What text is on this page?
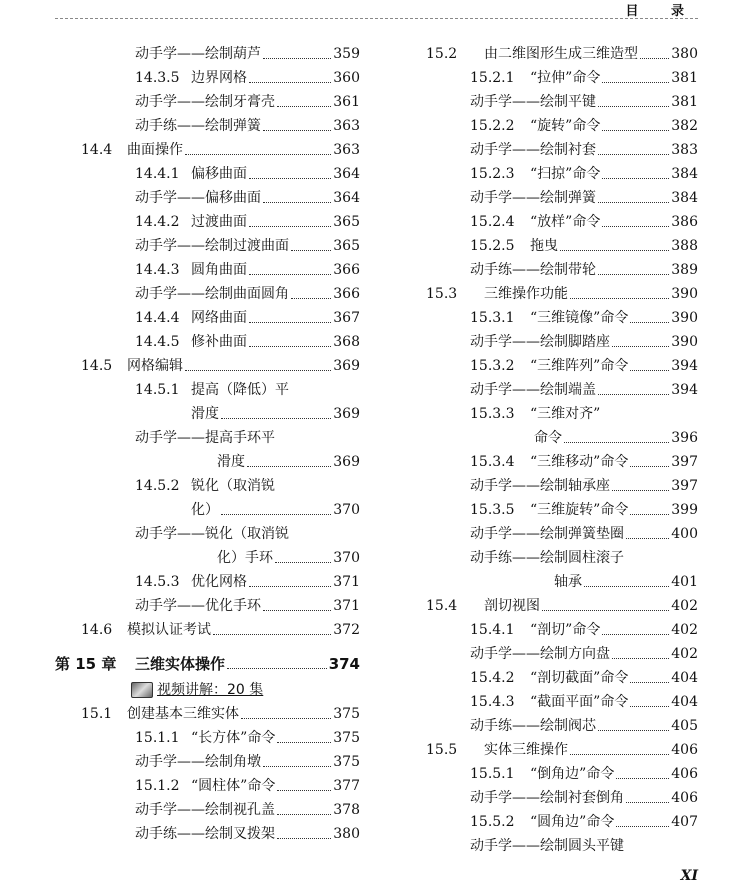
目 录
动手学——绘制葫芦	359
14.3.5 边界网格	360
动手学——绘制牙膏壳	361
动手练——绘制弹簧	363
14.4	曲面操作	363
14.4.1 偏移曲面	364
动手学——偏移曲面	364
14.4.2 过渡曲面	365
动手学——绘制过渡曲面	365
14.4.3 圆角曲面	366
动手学——绘制曲面圆角	366
14.4.4 网络曲面	367
14.4.5 修补曲面	368
14.5	网格编辑	369
14.5.1 提高（降低）平
滑度	369
动手学——提高手环平
滑度	369
14.5.2 锐化（取消锐
化）	370
动手学——锐化（取消锐
化）手环	370
14.5.3 优化网格	371
动手学——优化手环	371
14.6	模拟认证考试	372
第 15 章	三维实体操作	374
视频讲解：20 集
15.1	创建基本三维实体	375
15.1.1 “长方体”命令	375
动手学——绘制角墩	375
15.1.2 “圆柱体”命令	377
动手学——绘制视孔盖	378
动手练——绘制叉拨架	380
15.2	由二维图形生成三维造型 380
15.2.1	“拉伸”命令	381
动手学——绘制平键	381
15.2.2	“旋转”命令	382
动手学——绘制衬套	383
15.2.3	“扫掠”命令	384
动手学——绘制弹簧	384
15.2.4	“放样”命令	386
15.2.5	拖曳	388
动手练——绘制带轮	389
15.3	三维操作功能	390
15.3.1	“三维镜像”命令	390
动手学——绘制脚踏座	390
15.3.2	“三维阵列”命令	394
动手学——绘制端盖	394
15.3.3	“三维对齐”
命令	396
15.3.4	“三维移动”命令	397
动手学——绘制轴承座	397
15.3.5	“三维旋转”命令	399
动手学——绘制弹簧垫圈	400
动手练——绘制圆柱滚子
轴承	401
15.4	剖切视图	402
15.4.1	“剖切”命令	402
动手学——绘制方向盘	402
15.4.2	“剖切截面”命令	404
15.4.3	“截面平面”命令	404
动手练——绘制阀芯	405
15.5	实体三维操作	406
15.5.1	“倒角边”命令	406
动手学——绘制衬套倒角	406
15.5.2	“圆角边”命令	407
动手学——绘制圆头平键
XI
